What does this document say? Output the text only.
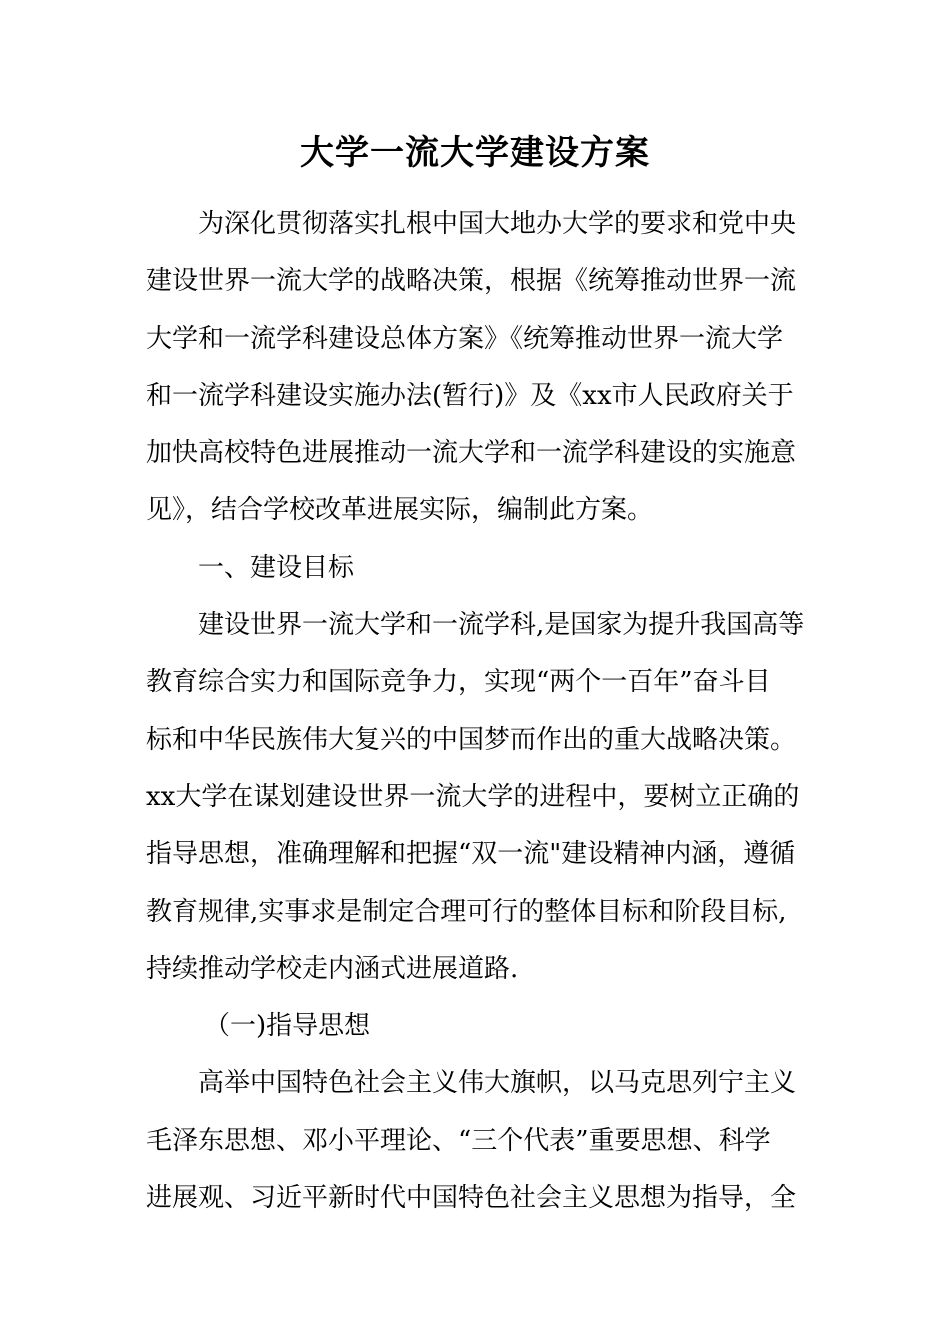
大学一流大学建设方案
为深化贯彻落实扎根中国大地办大学的要求和党中央
建设世界一流大学的战略决策，根据《统筹推动世界一流
大学和一流学科建设总体方案》《统筹推动世界一流大学
和一流学科建设实施办法(暂行)》及《xx市人民政府关于
加快高校特色进展推动一流大学和一流学科建设的实施意
见》，结合学校改革进展实际，编制此方案。
一、建设目标
建设世界一流大学和一流学科,是国家为提升我国高等
教育综合实力和国际竞争力，实现“两个一百年”奋斗目
标和中华民族伟大复兴的中国梦而作出的重大战略决策。
xx大学在谋划建设世界一流大学的进程中，要树立正确的
指导思想，准确理解和把握“双一流"建设精神内涵，遵循
教育规律,实事求是制定合理可行的整体目标和阶段目标,
持续推动学校走内涵式进展道路.
（一)指导思想
高举中国特色社会主义伟大旗帜，以马克思列宁主义
毛泽东思想、邓小平理论、“三个代表”重要思想、科学
进展观、习近平新时代中国特色社会主义思想为指导，全
